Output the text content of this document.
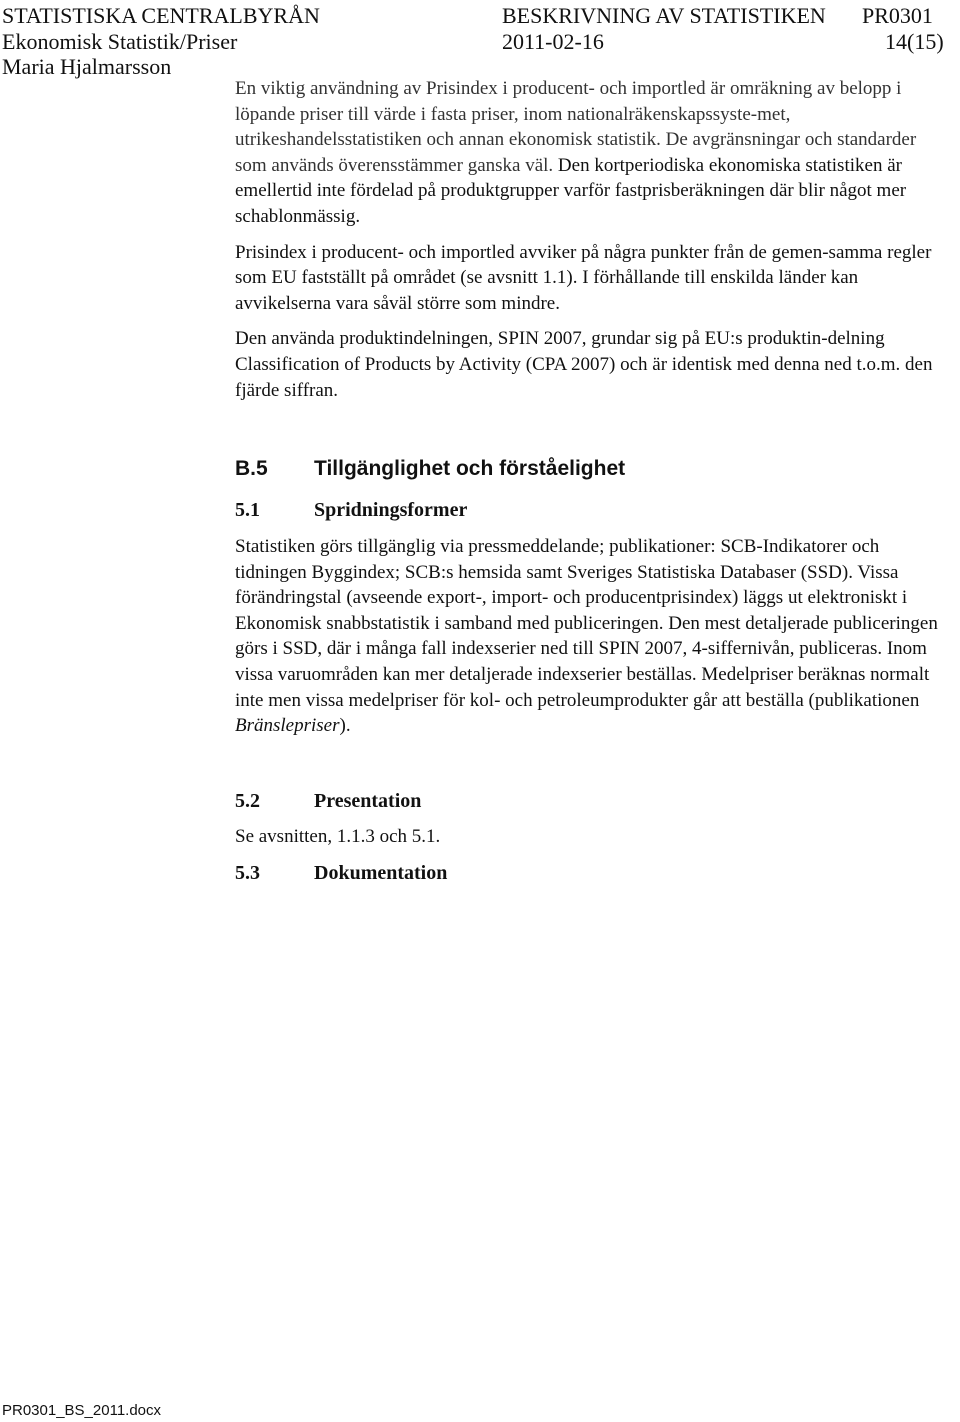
STATISTISKA CENTRALBYRÅN	BESKRIVNING AV STATISTIKEN PR0301
Ekonomisk Statistik/Priser	2011-02-16	14(15)
Maria Hjalmarsson

En viktig användning av Prisindex i producent- och importled är omräkning av belopp i löpande priser till värde i fasta priser, inom nationalräkenskapssyste-met, utrikeshandelsstatistiken och annan ekonomisk statistik. De avgränsningar och standarder som används överensstämmer ganska väl. Den kortperiodiska ekonomiska statistiken är emellertid inte fördelad på produktgrupper varför fastprisberäkningen där blir något mer schablonmässig.

Prisindex i producent- och importled avviker på några punkter från de gemen-samma regler som EU fastställt på området (se avsnitt 1.1). I förhållande till enskilda länder kan avvikelserna vara såväl större som mindre.

Den använda produktindelningen, SPIN 2007, grundar sig på EU:s produktin-delning Classification of Products by Activity (CPA 2007) och är identisk med denna ned t.o.m. den fjärde siffran.

B.5 Tillgänglighet och förståelighet
5.1	Spridningsformer

Statistiken görs tillgänglig via pressmeddelande; publikationer: SCB-Indikatorer och tidningen Byggindex; SCB:s hemsida samt Sveriges Statistiska Databaser (SSD). Vissa förändringstal (avseende export-, import- och producentprisindex) läggs ut elektroniskt i Ekonomisk snabbstatistik i samband med publiceringen. Den mest detaljerade publiceringen görs i SSD, där i många fall indexserier ned till SPIN 2007, 4-siffernivån, publiceras. Inom vissa varuområden kan mer detaljerade indexserier beställas. Medelpriser beräknas normalt inte men vissa medelpriser för kol- och petroleumprodukter går att beställa (publikationen Bränslepriser).

5.2	Presentation

Se avsnitten, 1.1.3 och 5.1.

5.3	Dokumentation
PR0301_BS_2011.docx
